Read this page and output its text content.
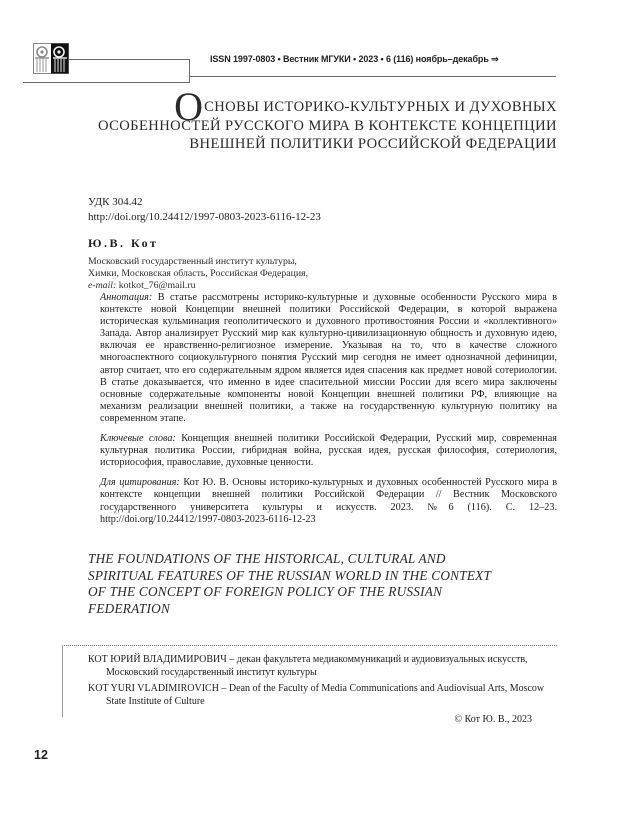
ISSN 1997-0803 • Вестник МГУКИ • 2023 • 6 (116) ноябрь–декабрь ⇒
ОСНОВЫ ИСТОРИКО-КУЛЬТУРНЫХ И ДУХОВНЫХ ОСОБЕННОСТЕЙ РУССКОГО МИРА В КОНТЕКСТЕ КОНЦЕПЦИИ ВНЕШНЕЙ ПОЛИТИКИ РОССИЙСКОЙ ФЕДЕРАЦИИ
УДК 304.42
http://doi.org/10.24412/1997-0803-2023-6116-12-23
Ю.В. Кот
Московский государственный институт культуры,
Химки, Московская область, Российская Федерация,
e-mail: kotkot_76@mail.ru

Аннотация: В статье рассмотрены историко-культурные и духовные особенности Русского мира в контексте новой Концепции внешней политики Российской Федерации, в которой выражена историческая кульминация геополитического и духовного противостояния России и «коллективного» Запада. Автор анализирует Русский мир как культурно-цивилизационную общность и духовную идею, включая ее нравственно-религиозное измерение. Указывая на то, что в качестве сложного многоаспектного социокультурного понятия Русский мир сегодня не имеет однозначной дефиниции, автор считает, что его содержательным ядром является идея спасения как предмет новой сотериологии. В статье доказывается, что именно в идее спасительной миссии России для всего мира заключены основные содержательные компоненты новой Концепции внешней политики РФ, влияющие на механизм реализации внешней политики, а также на государственную культурную политику на современном этапе.

Ключевые слова: Концепция внешней политики Российской Федерации, Русский мир, современная культурная политика России, гибридная война, русская идея, русская философия, сотериология, историософия, православие, духовные ценности.

Для цитирования: Кот Ю. В. Основы историко-культурных и духовных особенностей Русского мира в контексте концепции внешней политики Российской Федерации // Вестник Московского государственного университета культуры и искусств. 2023. №6 (116). С. 12–23. http://doi.org/10.24412/1997-0803-2023-6116-12-23

THE FOUNDATIONS OF THE HISTORICAL, CULTURAL AND SPIRITUAL FEATURES OF THE RUSSIAN WORLD IN THE CONTEXT OF THE CONCEPT OF FOREIGN POLICY OF THE RUSSIAN FEDERATION

КОТ ЮРИЙ ВЛАДИМИРОВИЧ – декан факультета медиакоммуникаций и аудиовизуальных искусств, Московский государственный институт культуры

KOT YURI VLADIMIROVICH – Dean of the Faculty of Media Communications and Audiovisual Arts, Moscow State Institute of Culture

© Кот Ю. В., 2023
12
